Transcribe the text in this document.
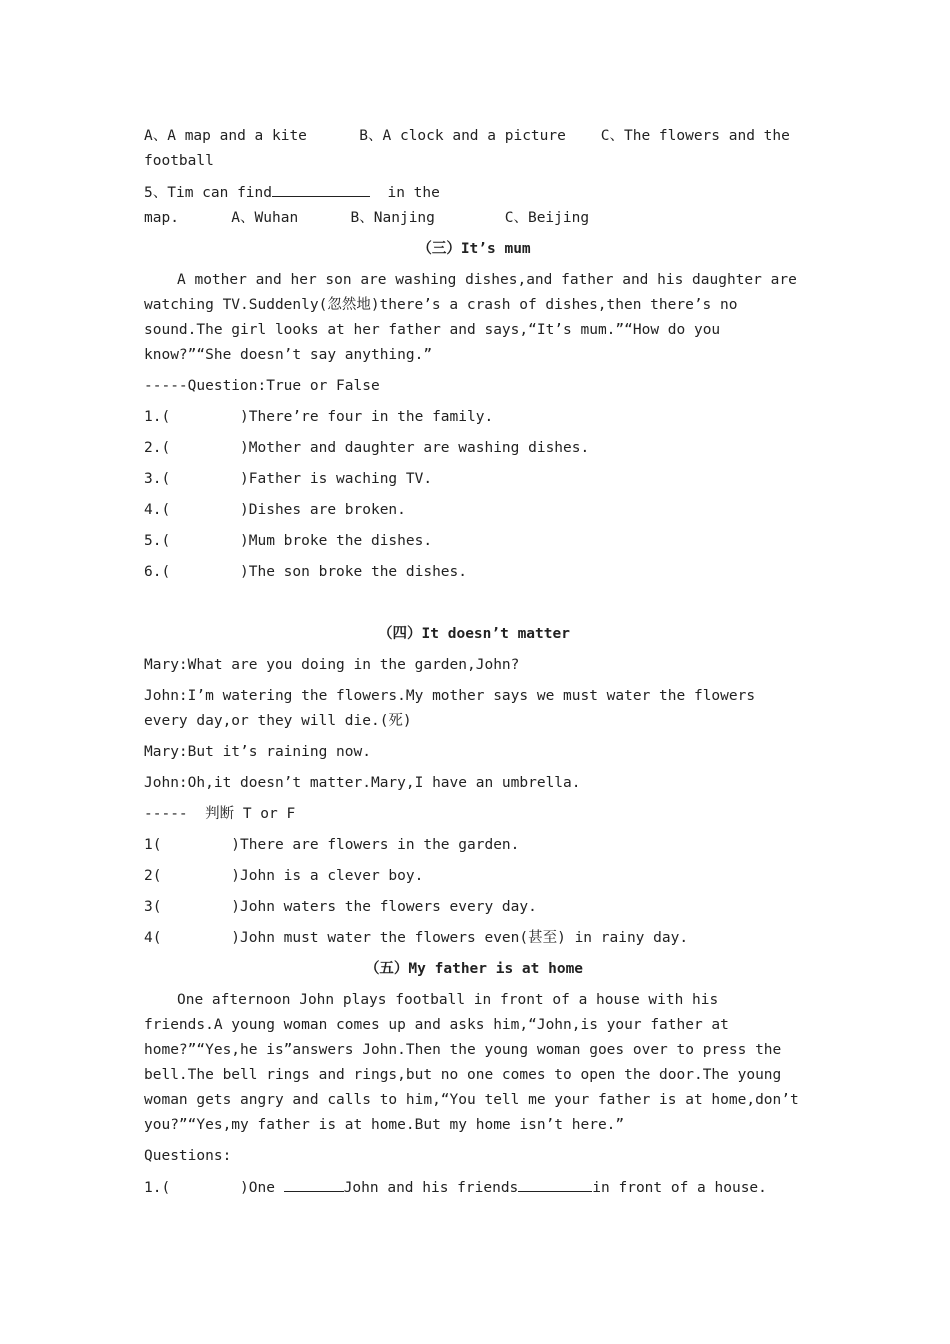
A、A map and a kite      B、A clock and a picture    C、The flowers and the
football
5、Tim can find	in the
map.      A、Wuhan      B、Nanjing        C、Beijing
（三）It’s mum
A mother and her son are washing dishes,and father and his daughter are watching TV.Suddenly(忽然地)there’s a crash of dishes,then there’s no sound.The girl looks at her father and says,“It’s mum.”“How do you know?”“She doesn’t say anything.”
-----Question:True or False
1.(        )There’re four in the family.
2.(        )Mother and daughter are washing dishes.
3.(        )Father is waching TV.
4.(        )Dishes are broken.
5.(        )Mum broke the dishes.
6.(        )The son broke the dishes.
（四）It doesn’t matter
Mary:What are you doing in the garden,John?
John:I’m watering the flowers.My mother says we must water the flowers every day,or they will die.(死)
Mary:But it’s raining now.
John:Oh,it doesn’t matter.Mary,I have an umbrella.
-----  判断 T or F
1(        )There are flowers in the garden.
2(        )John is a clever boy.
3(        )John waters the flowers every day.
4(        )John must water the flowers even(甚至) in rainy day.
（五）My father is at home
One afternoon John plays football in front of a house with his friends.A young woman comes up and asks him,“John,is your father at home?”“Yes,he is”answers John.Then the young woman goes over to press the bell.The bell rings and rings,but no one comes to open the door.The young woman gets angry and calls to him,“You tell me your father is at home,don’t you?”“Yes,my father is at home.But my home isn’t here.”
Questions:
1.(        )One	John and his friends	in front of a house.
